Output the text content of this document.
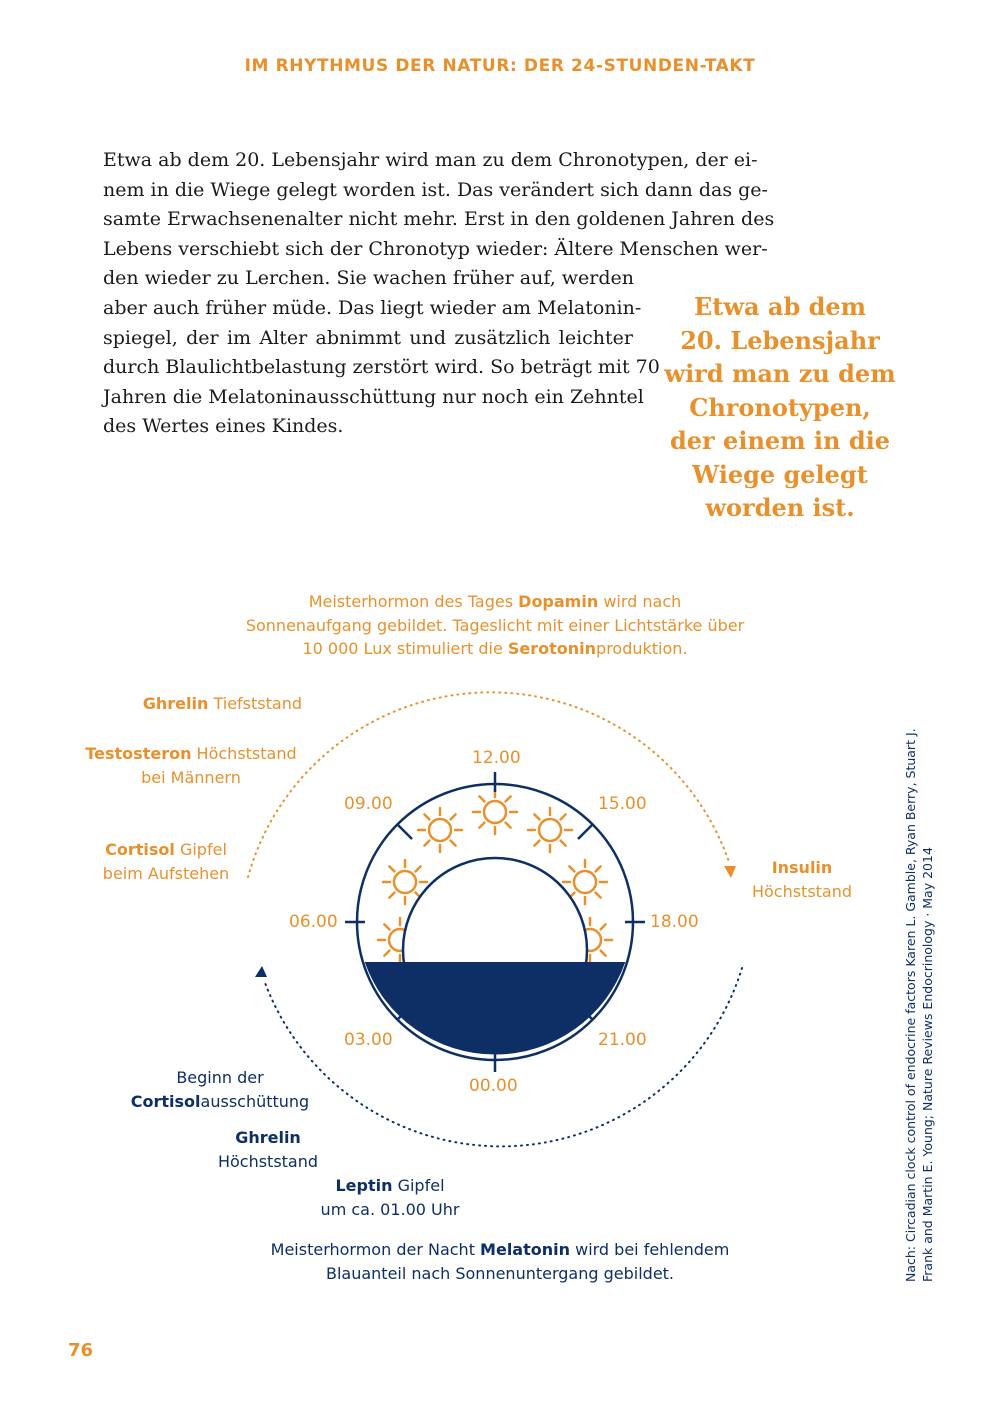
IM RHYTHMUS DER NATUR: DER 24-STUNDEN-TAKT
Etwa ab dem 20. Lebensjahr wird man zu dem Chronotypen, der ei-
nem in die Wiege gelegt worden ist. Das verändert sich dann das ge-
samte Erwachsenenalter nicht mehr. Erst in den goldenen Jahren des
Lebens verschiebt sich der Chronotyp wieder: Ältere Menschen wer-
den wieder zu Lerchen. Sie wachen früher auf, werden
aber auch früher müde. Das liegt wieder am Melatonin-
spiegel, der im Alter abnimmt und zusätzlich leichter
durch Blaulichtbelastung zerstört wird. So beträgt mit 70
Jahren die Melatoninausschüttung nur noch ein Zehntel
des Wertes eines Kindes.
Etwa ab dem
20. Lebensjahr
wird man zu dem
Chronotypen,
der einem in die
Wiege gelegt
worden ist.
12.00
15.00
18.00
21.00
00.00
03.00
06.00
09.00
Meisterhormon des Tages Dopamin wird nach
Sonnenaufgang gebildet. Tageslicht mit einer Lichtstärke über
10 000 Lux stimuliert die Serotoninproduktion.
Ghrelin Tiefststand
Testosteron Höchststand
bei Männern
Cortisol Gipfel
beim Aufstehen	Insulin
Höchststand
Beginn der
Cortisolausschüttung
Ghrelin
Höchststand
Leptin Gipfel
um ca. 01.00 Uhr
Meisterhormon der Nacht Melatonin wird bei fehlendem
Blauanteil nach Sonnenuntergang gebildet.	Nach: Circadian clock control of endocrine factors Karen L. Gamble, Ryan Berry, Stuart J. Frank and Martin E. Young; Nature Reviews Endocrinology · May 2014
76
